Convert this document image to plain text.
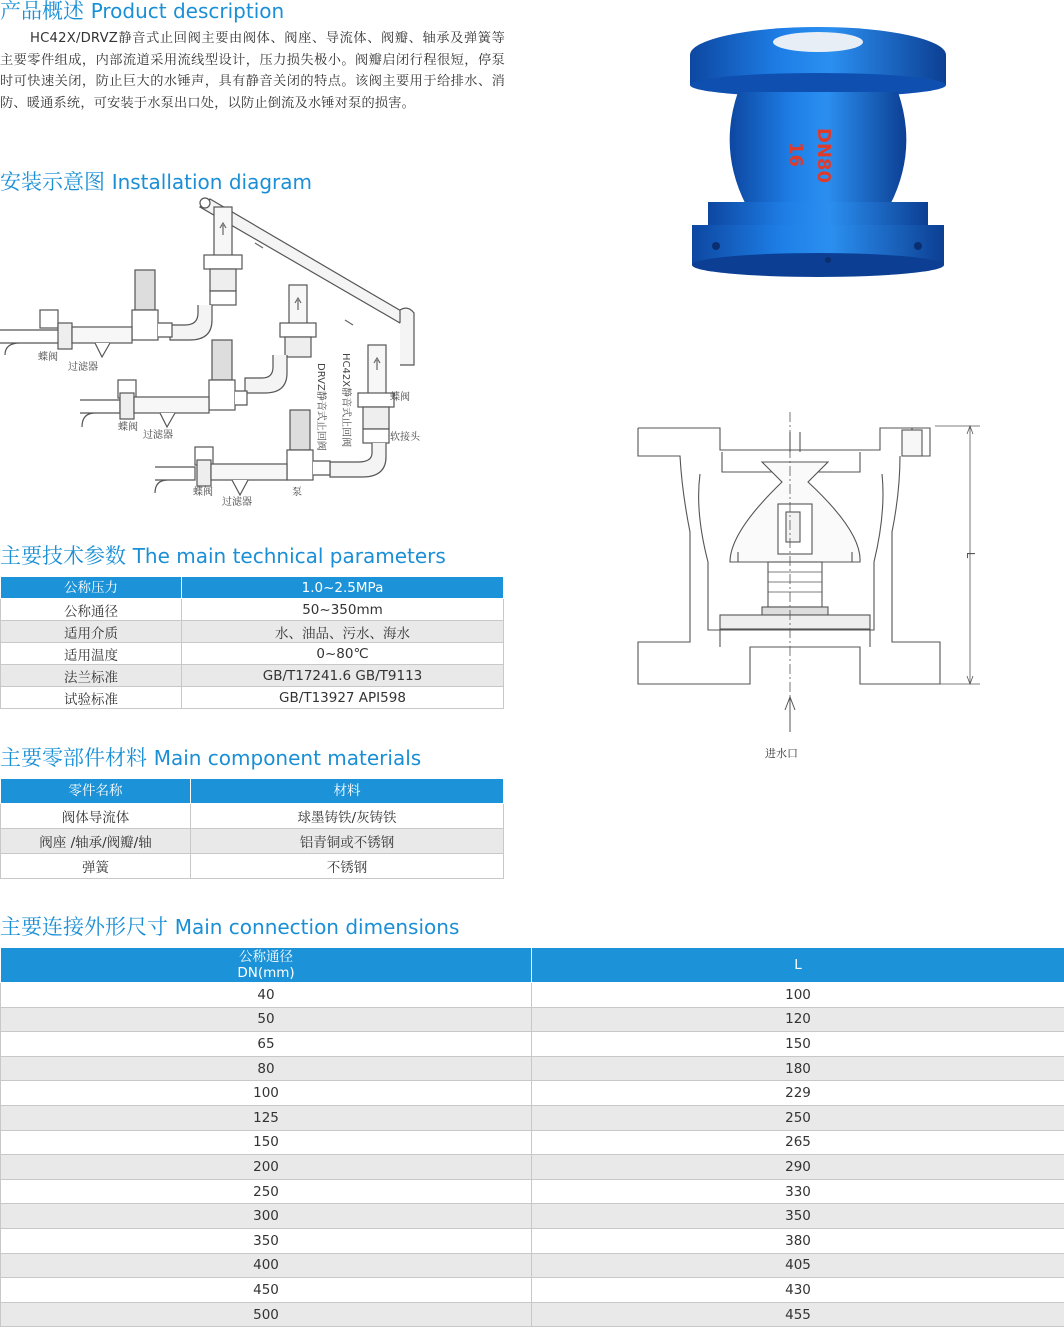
产品概述 Product description

HC42X/DRVZ静音式止回阀主要由阀体、阀座、导流体、阀瓣、轴承及弹簧等主要零件组成，内部流道采用流线型设计，压力损失极小。阀瓣启闭行程很短，停泵时可快速关闭，防止巨大的水锤声，具有静音关闭的特点。该阀主要用于给排水、消防、暖通系统，可安装于水泵出口处，以防止倒流及水锤对泵的损害。

安装示意图 Installation diagram
蝶阀
过滤器
蝶阀
过滤器
蝶阀
过滤器
泵
蝶阀
软接头
DRVZ静音式止回阀 HC42X静音式止回阀
DN80
16
L
进水口
主要技术参数 The main technical parameters
公称压力	1.0~2.5MPa
公称通径	50~350mm
适用介质	水、油品、污水、海水
适用温度	0~80℃
法兰标准	GB/T17241.6 GB/T9113
试验标准	GB/T13927 API598
主要零部件材料 Main component materials
零件名称	材料
阀体导流体	球墨铸铁/灰铸铁
阀座 /轴承/阀瓣/轴	铝青铜或不锈钢
弹簧	不锈钢
主要连接外形尺寸 Main connection dimensions
公称通径
DN(mm)	L
40	100
50	120
65	150
80	180
100	229
125	250
150	265
200	290
250	330
300	350
350	380
400	405
450	430
500	455
